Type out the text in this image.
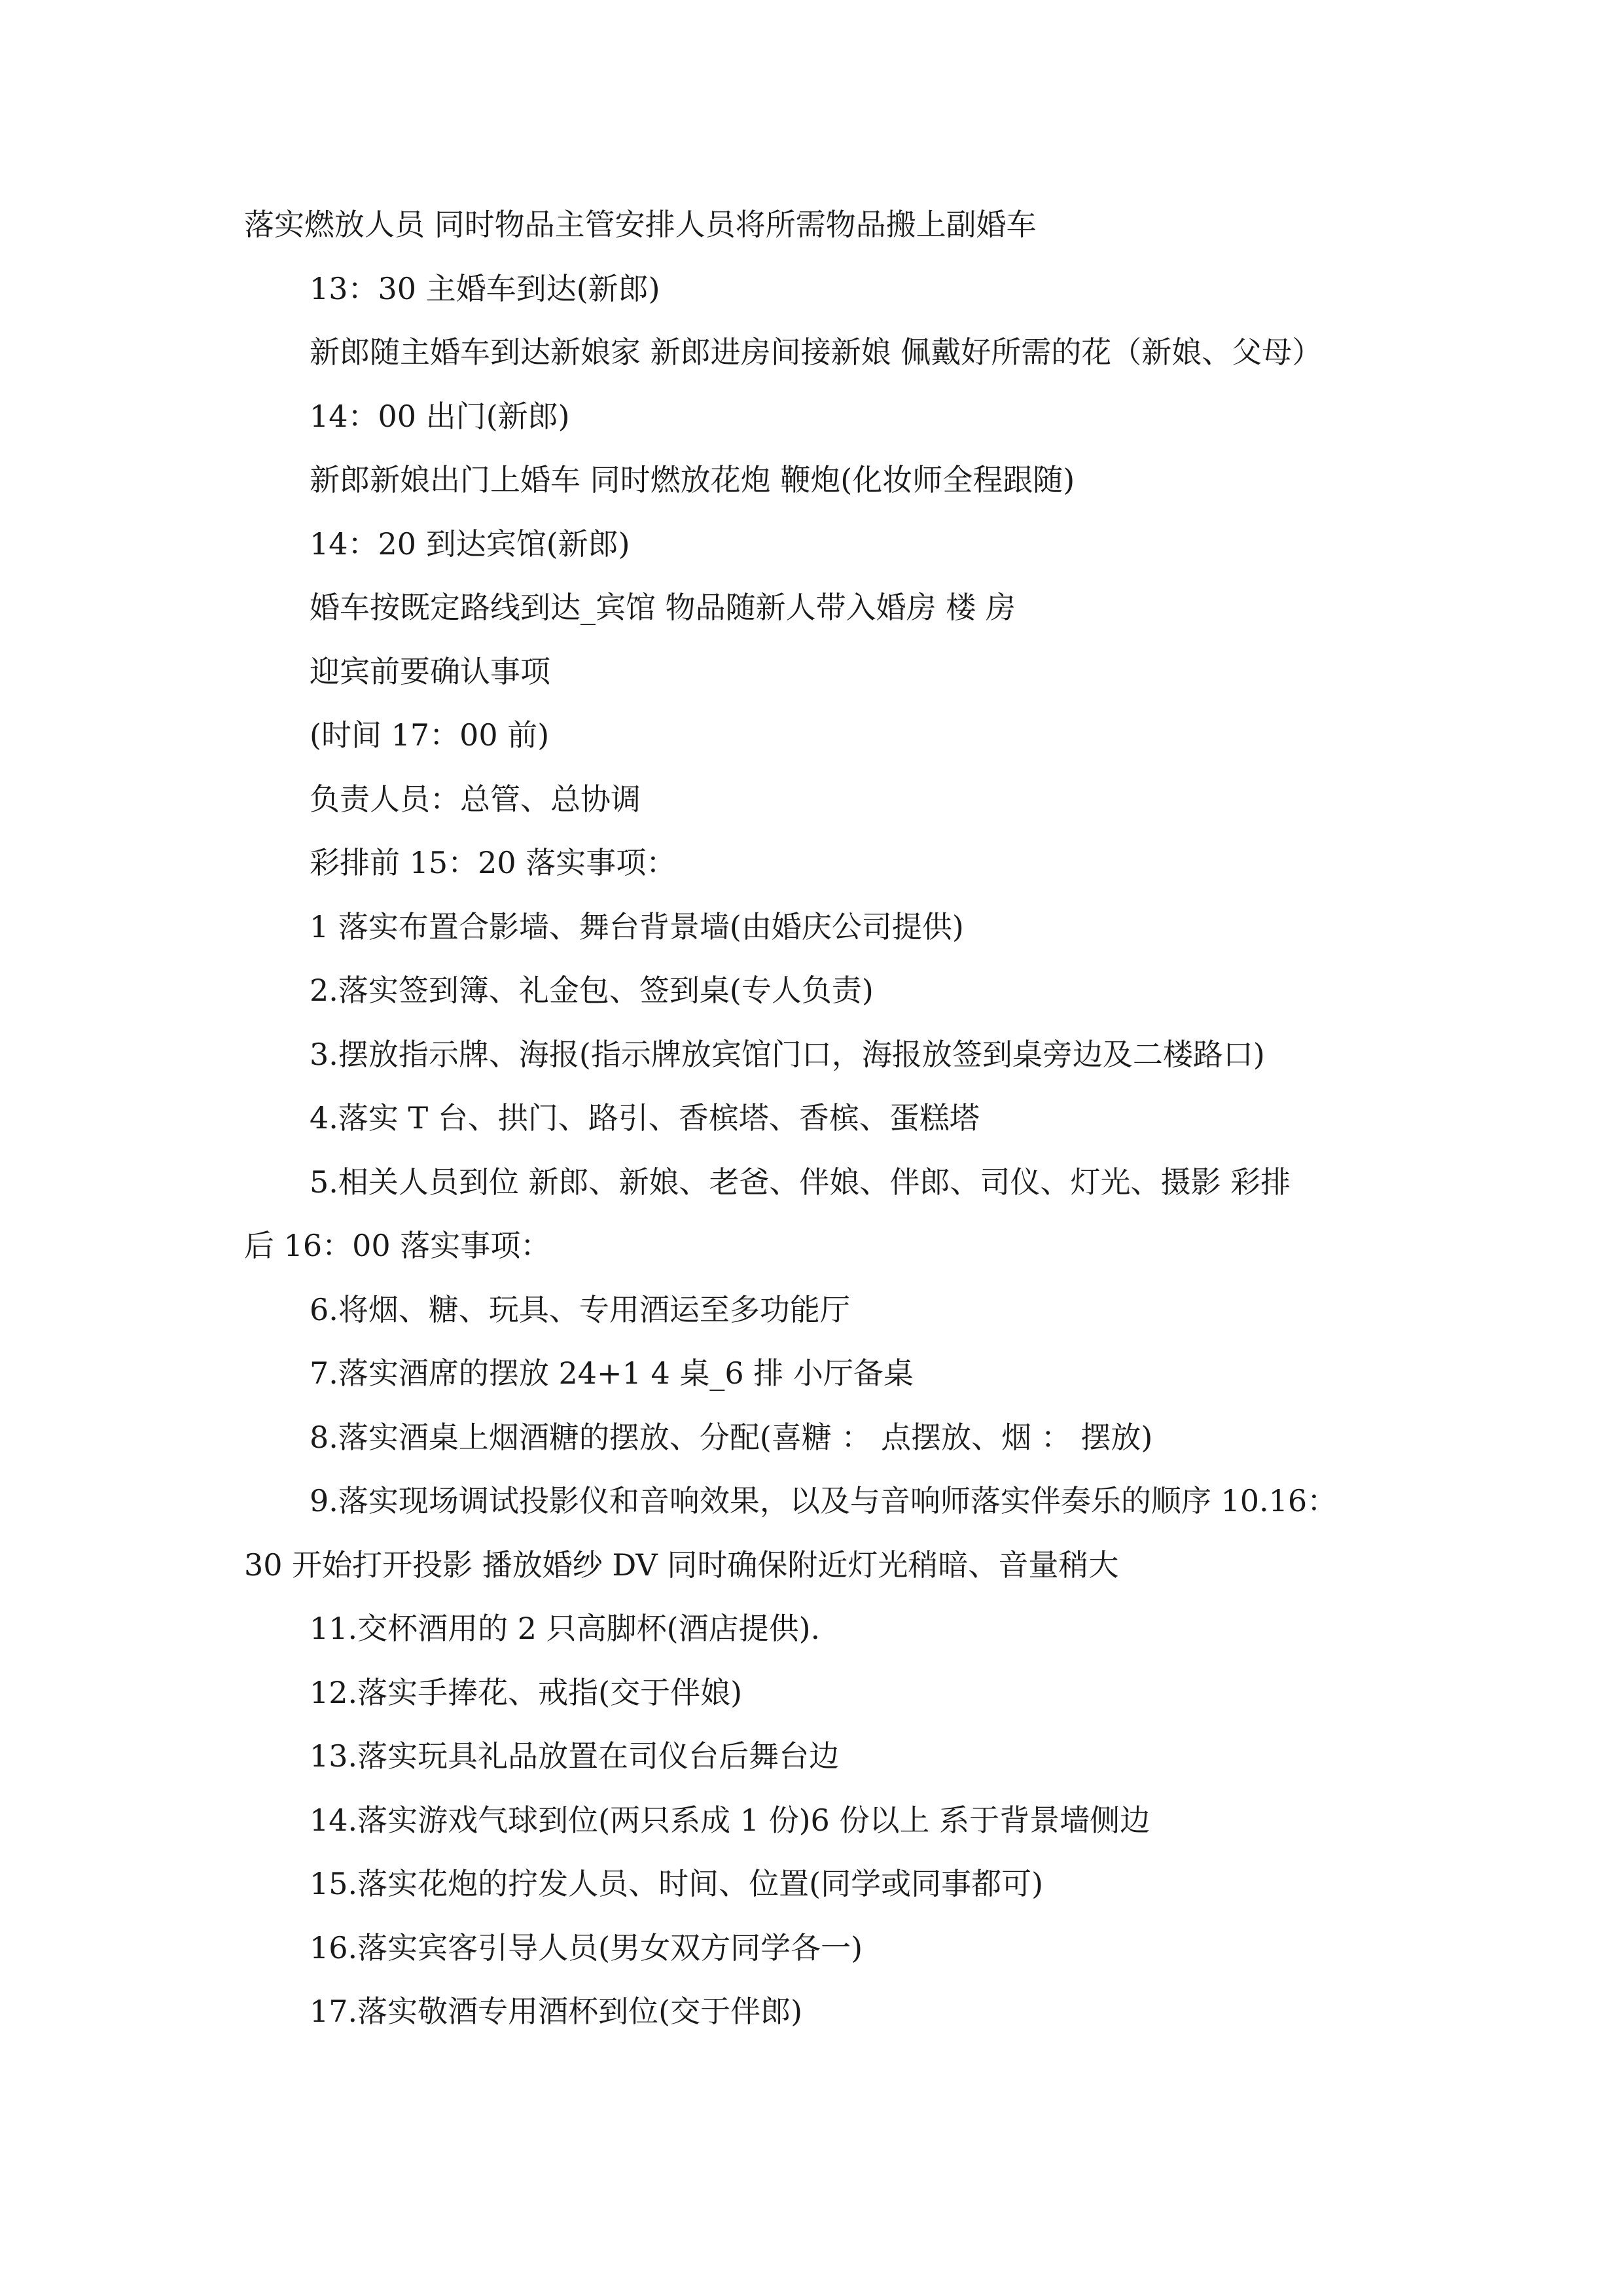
落实燃放人员 同时物品主管安排人员将所需物品搬上副婚车
13：30 主婚车到达(新郎)
新郎随主婚车到达新娘家 新郎进房间接新娘 佩戴好所需的花（新娘、父母）
14：00 出门(新郎)
新郎新娘出门上婚车 同时燃放花炮 鞭炮(化妆师全程跟随)
14：20 到达宾馆(新郎)
婚车按既定路线到达_宾馆 物品随新人带入婚房 楼 房
迎宾前要确认事项
(时间 17：00 前)
负责人员：总管、总协调
彩排前 15：20 落实事项：
1 落实布置合影墙、舞台背景墙(由婚庆公司提供)
2.落实签到簿、礼金包、签到桌(专人负责)
3.摆放指示牌、海报(指示牌放宾馆门口，海报放签到桌旁边及二楼路口)
4.落实 T 台、拱门、路引、香槟塔、香槟、蛋糕塔
5.相关人员到位 新郎、新娘、老爸、伴娘、伴郎、司仪、灯光、摄影 彩排
后 16：00 落实事项：
6.将烟、糖、玩具、专用酒运至多功能厅
7.落实酒席的摆放 24+1 4 桌_6 排 小厅备桌
8.落实酒桌上烟酒糖的摆放、分配(喜糖 ： 点摆放、烟 ： 摆放)
9.落实现场调试投影仪和音响效果，以及与音响师落实伴奏乐的顺序 10.16：
30 开始打开投影 播放婚纱 DV 同时确保附近灯光稍暗、音量稍大
11.交杯酒用的 2 只高脚杯(酒店提供).
12.落实手捧花、戒指(交于伴娘)
13.落实玩具礼品放置在司仪台后舞台边
14.落实游戏气球到位(两只系成 1 份)6 份以上 系于背景墙侧边
15.落实花炮的拧发人员、时间、位置(同学或同事都可)
16.落实宾客引导人员(男女双方同学各一)
17.落实敬酒专用酒杯到位(交于伴郎)
